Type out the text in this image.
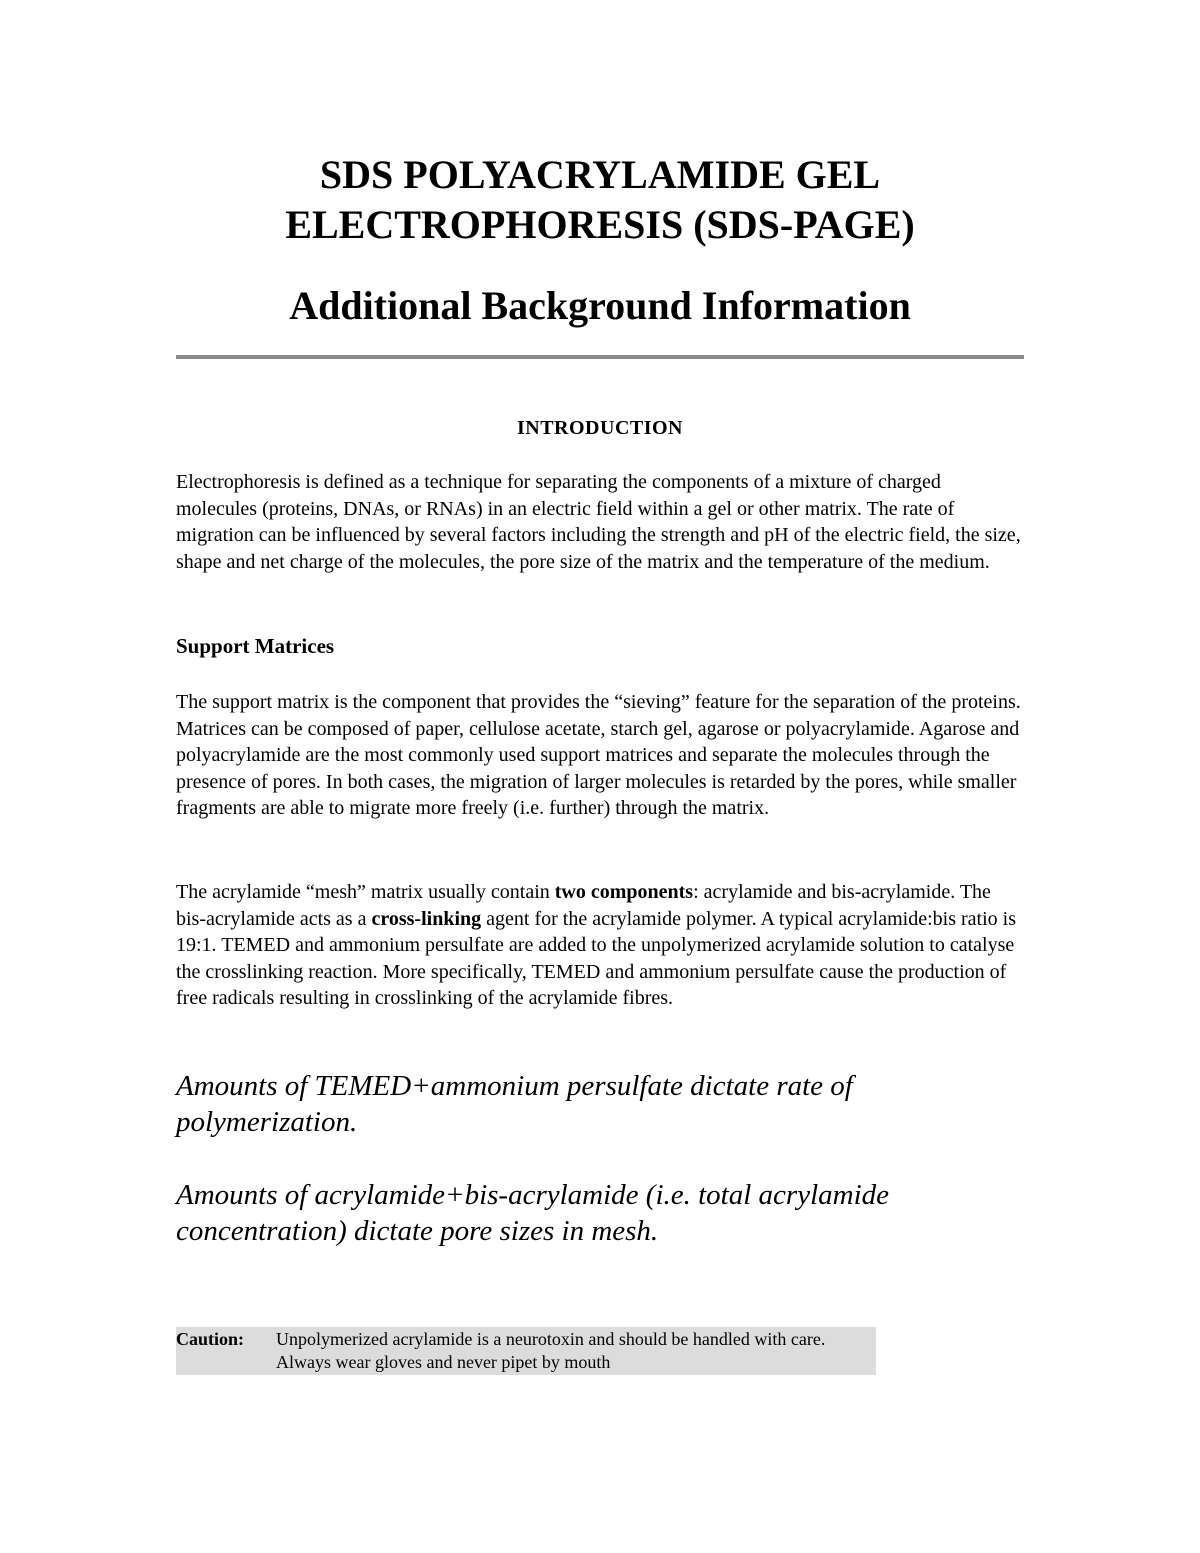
SDS POLYACRYLAMIDE GEL ELECTROPHORESIS (SDS-PAGE)
Additional Background Information
INTRODUCTION

Electrophoresis is defined as a technique for separating the components of a mixture of charged molecules (proteins, DNAs, or RNAs) in an electric field within a gel or other matrix. The rate of migration can be influenced by several factors including the strength and pH of the electric field, the size, shape and net charge of the molecules, the pore size of the matrix and the temperature of the medium.

Support Matrices

The support matrix is the component that provides the “sieving” feature for the separation of the proteins. Matrices can be composed of paper, cellulose acetate, starch gel, agarose or polyacrylamide. Agarose and polyacrylamide are the most commonly used support matrices and separate the molecules through the presence of pores. In both cases, the migration of larger molecules is retarded by the pores, while smaller fragments are able to migrate more freely (i.e. further) through the matrix.

The acrylamide “mesh” matrix usually contain two components: acrylamide and bis-acrylamide. The bis-acrylamide acts as a cross-linking agent for the acrylamide polymer. A typical acrylamide:bis ratio is 19:1. TEMED and ammonium persulfate are added to the unpolymerized acrylamide solution to catalyse the crosslinking reaction. More specifically, TEMED and ammonium persulfate cause the production of free radicals resulting in crosslinking of the acrylamide fibres.

Amounts of TEMED+ammonium persulfate dictate rate of polymerization.

Amounts of acrylamide+bis-acrylamide (i.e. total acrylamide concentration) dictate pore sizes in mesh.

Caution: Unpolymerized acrylamide is a neurotoxin and should be handled with care.
Always wear gloves and never pipet by mouth
